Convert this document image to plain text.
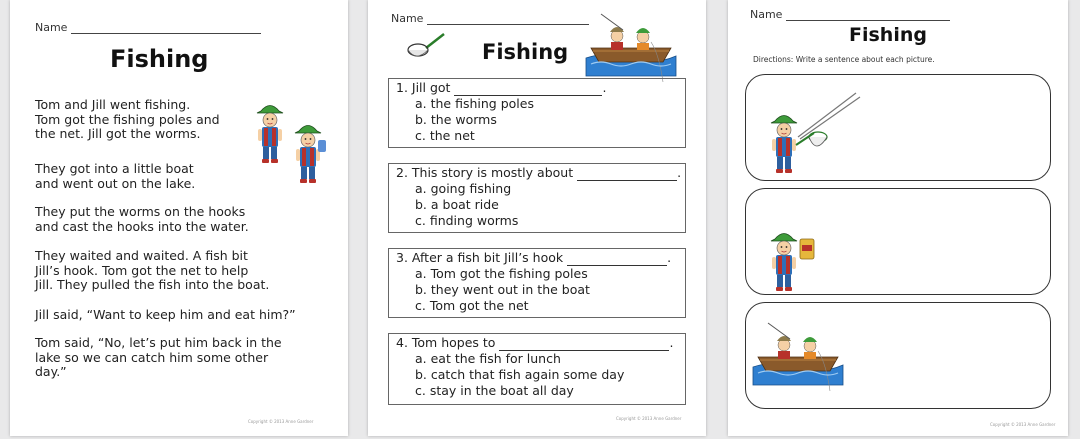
Name
Fishing
Tom and Jill went fishing.
Tom got the fishing poles and
the net. Jill got the worms.
They got into a little boat
and went out on the lake.
They put the worms on the hooks
and cast the hooks into the water.
They waited and waited. A fish bit
Jill’s hook. Tom got the net to help
Jill. They pulled the fish into the boat.
Jill said, “Want to keep him and eat him?”
Tom said, “No, let’s put him back in the
lake so we can catch him some other
day.”
Copyright © 2013 Anne Gardner
Name
Fishing
1. Jill got	.
a. the fishing poles
b. the worms
c. the net
2. This story is mostly about	.
a. going fishing
b. a boat ride
c. finding worms
3. After a fish bit Jill’s hook	.
a. Tom got the fishing poles
b. they went out in the boat
c. Tom got the net
4. Tom hopes to	.
a. eat the fish for lunch
b. catch that fish again some day
c. stay in the boat all day
Copyright © 2013 Anne Gardner
Name
Fishing
Directions: Write a sentence about each picture.
Copyright © 2013 Anne Gardner
